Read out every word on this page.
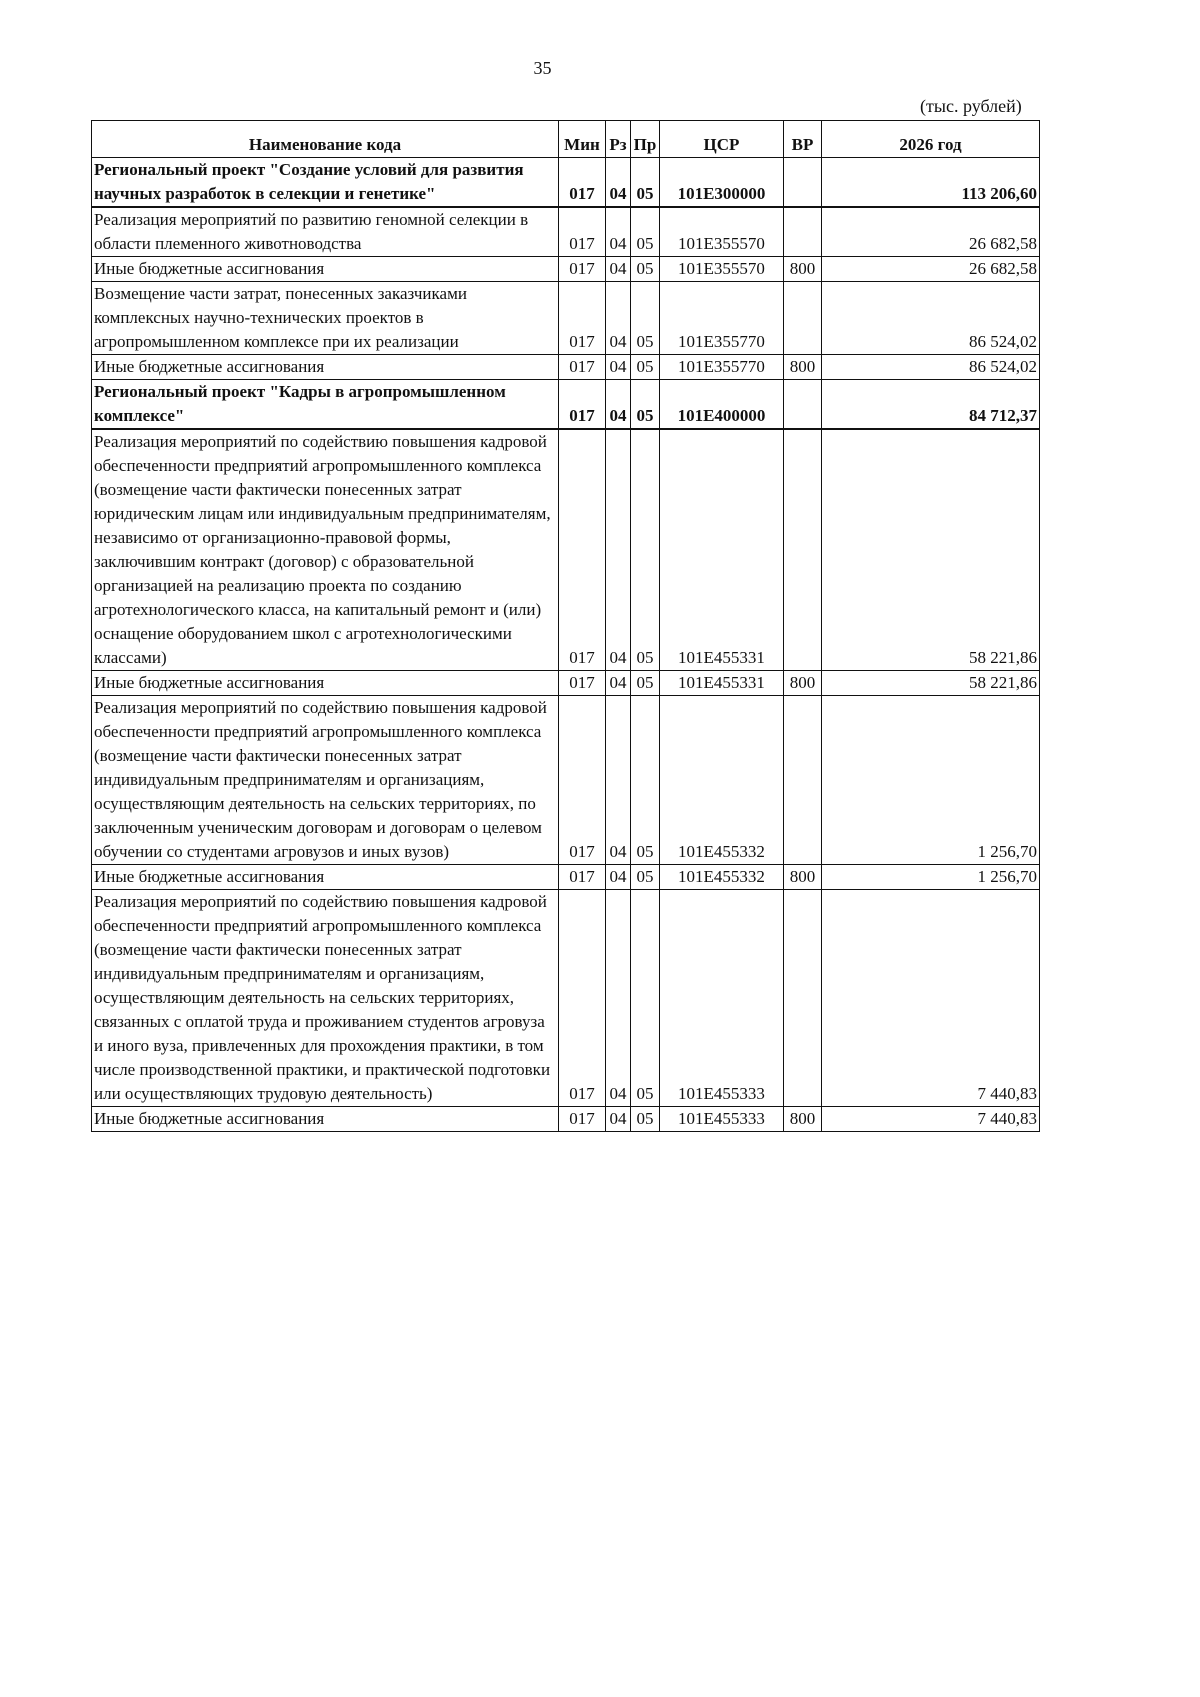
35
(тыс. рублей)
Наименование кода	Мин	Рз	Пр	ЦСР	ВР	2026 год
Региональный проект "Создание условий для развития научных разработок в селекции и генетике"	017	04	05	101E300000		113 206,60
Реализация мероприятий по развитию геномной селекции в области племенного животноводства	017	04	05	101E355570		26 682,58
Иные бюджетные ассигнования	017	04	05	101E355570	800	26 682,58
Возмещение части затрат, понесенных заказчиками комплексных научно-технических проектов в агропромышленном комплексе при их реализации	017	04	05	101E355770		86 524,02
Иные бюджетные ассигнования	017	04	05	101E355770	800	86 524,02
Региональный проект "Кадры в агропромышленном комплексе"	017	04	05	101E400000		84 712,37
Реализация мероприятий по содействию повышения кадровой обеспеченности предприятий агропромышленного комплекса (возмещение части фактически понесенных затрат юридическим лицам или индивидуальным предпринимателям, независимо от организационно-правовой формы, заключившим контракт (договор) с образовательной организацией на реализацию проекта по созданию агротехнологического класса, на капитальный ремонт и (или) оснащение оборудованием школ с агротехнологическими классами)	017	04	05	101E455331		58 221,86
Иные бюджетные ассигнования	017	04	05	101E455331	800	58 221,86
Реализация мероприятий по содействию повышения кадровой обеспеченности предприятий агропромышленного комплекса (возмещение части фактически понесенных затрат индивидуальным предпринимателям и организациям, осуществляющим деятельность на сельских территориях, по заключенным ученическим договорам и договорам о целевом обучении со студентами агровузов и иных вузов)	017	04	05	101E455332		1 256,70
Иные бюджетные ассигнования	017	04	05	101E455332	800	1 256,70
Реализация мероприятий по содействию повышения кадровой обеспеченности предприятий агропромышленного комплекса (возмещение части фактически понесенных затрат индивидуальным предпринимателям и организациям, осуществляющим деятельность на сельских территориях, связанных с оплатой труда и проживанием студентов агровуза и иного вуза, привлеченных для прохождения практики, в том числе производственной практики, и практической подготовки или осуществляющих трудовую деятельность)	017	04	05	101E455333		7 440,83
Иные бюджетные ассигнования	017	04	05	101E455333	800	7 440,83
